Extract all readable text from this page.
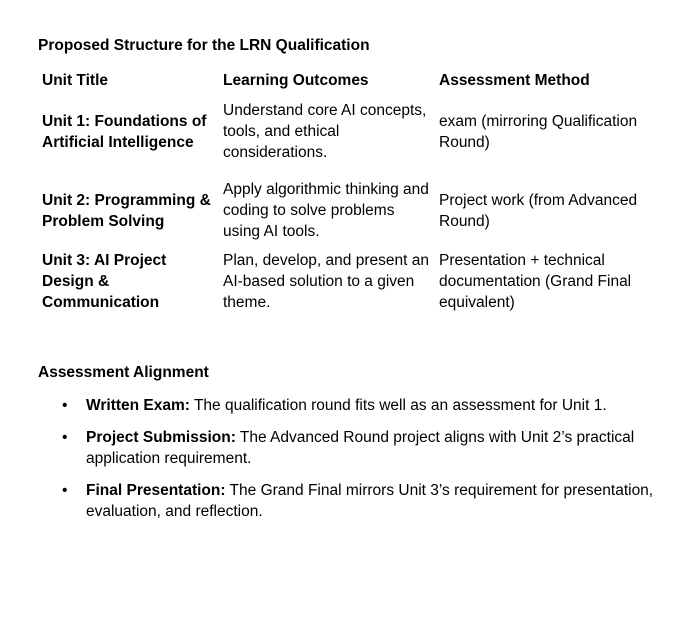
Proposed Structure for the LRN Qualification

Unit Title	Learning Outcomes	Assessment Method

Unit 1: Foundations of
Artificial Intelligence	Understand core AI concepts, tools, and ethical considerations.	exam (mirroring Qualification Round)

Unit 2: Programming &
Problem Solving	Apply algorithmic thinking and coding to solve problems using AI tools.	Project work (from Advanced Round)

Unit 3: AI Project
Design &
Communication	Plan, develop, and present an AI-based solution to a given theme.	Presentation + technical documentation (Grand Final equivalent)

Assessment Alignment

• Written Exam: The qualification round fits well as an assessment for Unit 1.
• Project Submission: The Advanced Round project aligns with Unit 2’s practical application requirement.
• Final Presentation: The Grand Final mirrors Unit 3’s requirement for presentation, evaluation, and reflection.
